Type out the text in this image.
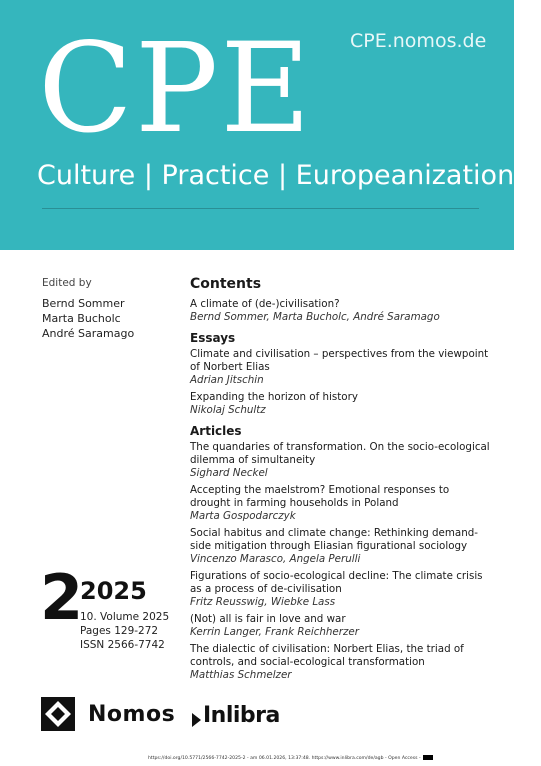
CPE CPE.nomos.de
Culture | Practice | Europeanization
Edited by
Bernd Sommer
Marta Bucholc
André Saramago
Contents
A climate of (de-)civilisation?
Bernd Sommer, Marta Bucholc, André Saramago
Essays
Climate and civilisation – perspectives from the viewpoint of Norbert Elias
Adrian Jitschin
Expanding the horizon of history
Nikolaj Schultz
Articles
The quandaries of transformation. On the socio-ecological dilemma of simultaneity
Sighard Neckel
Accepting the maelstrom? Emotional responses to drought in farming households in Poland
Marta Gospodarczyk
Social habitus and climate change: Rethinking demand-side mitigation through Eliasian figurational sociology
Vincenzo Marasco, Angela Perulli
Figurations of socio-ecological decline: The climate crisis as a process of de-civilisation
Fritz Reusswig, Wiebke Lass
(Not) all is fair in love and war
Kerrin Langer, Frank Reichherzer
The dialectic of civilisation: Norbert Elias, the triad of controls, and social-ecological transformation
Matthias Schmelzer
2
2025
10. Volume 2025
Pages 129-272
ISSN 2566-7742
Nomos Inlibra
https://doi.org/10.5771/2566-7742-2025-2 - am 06.01.2026, 13:37:48. https://www.inlibra.com/de/agb - Open Access -
